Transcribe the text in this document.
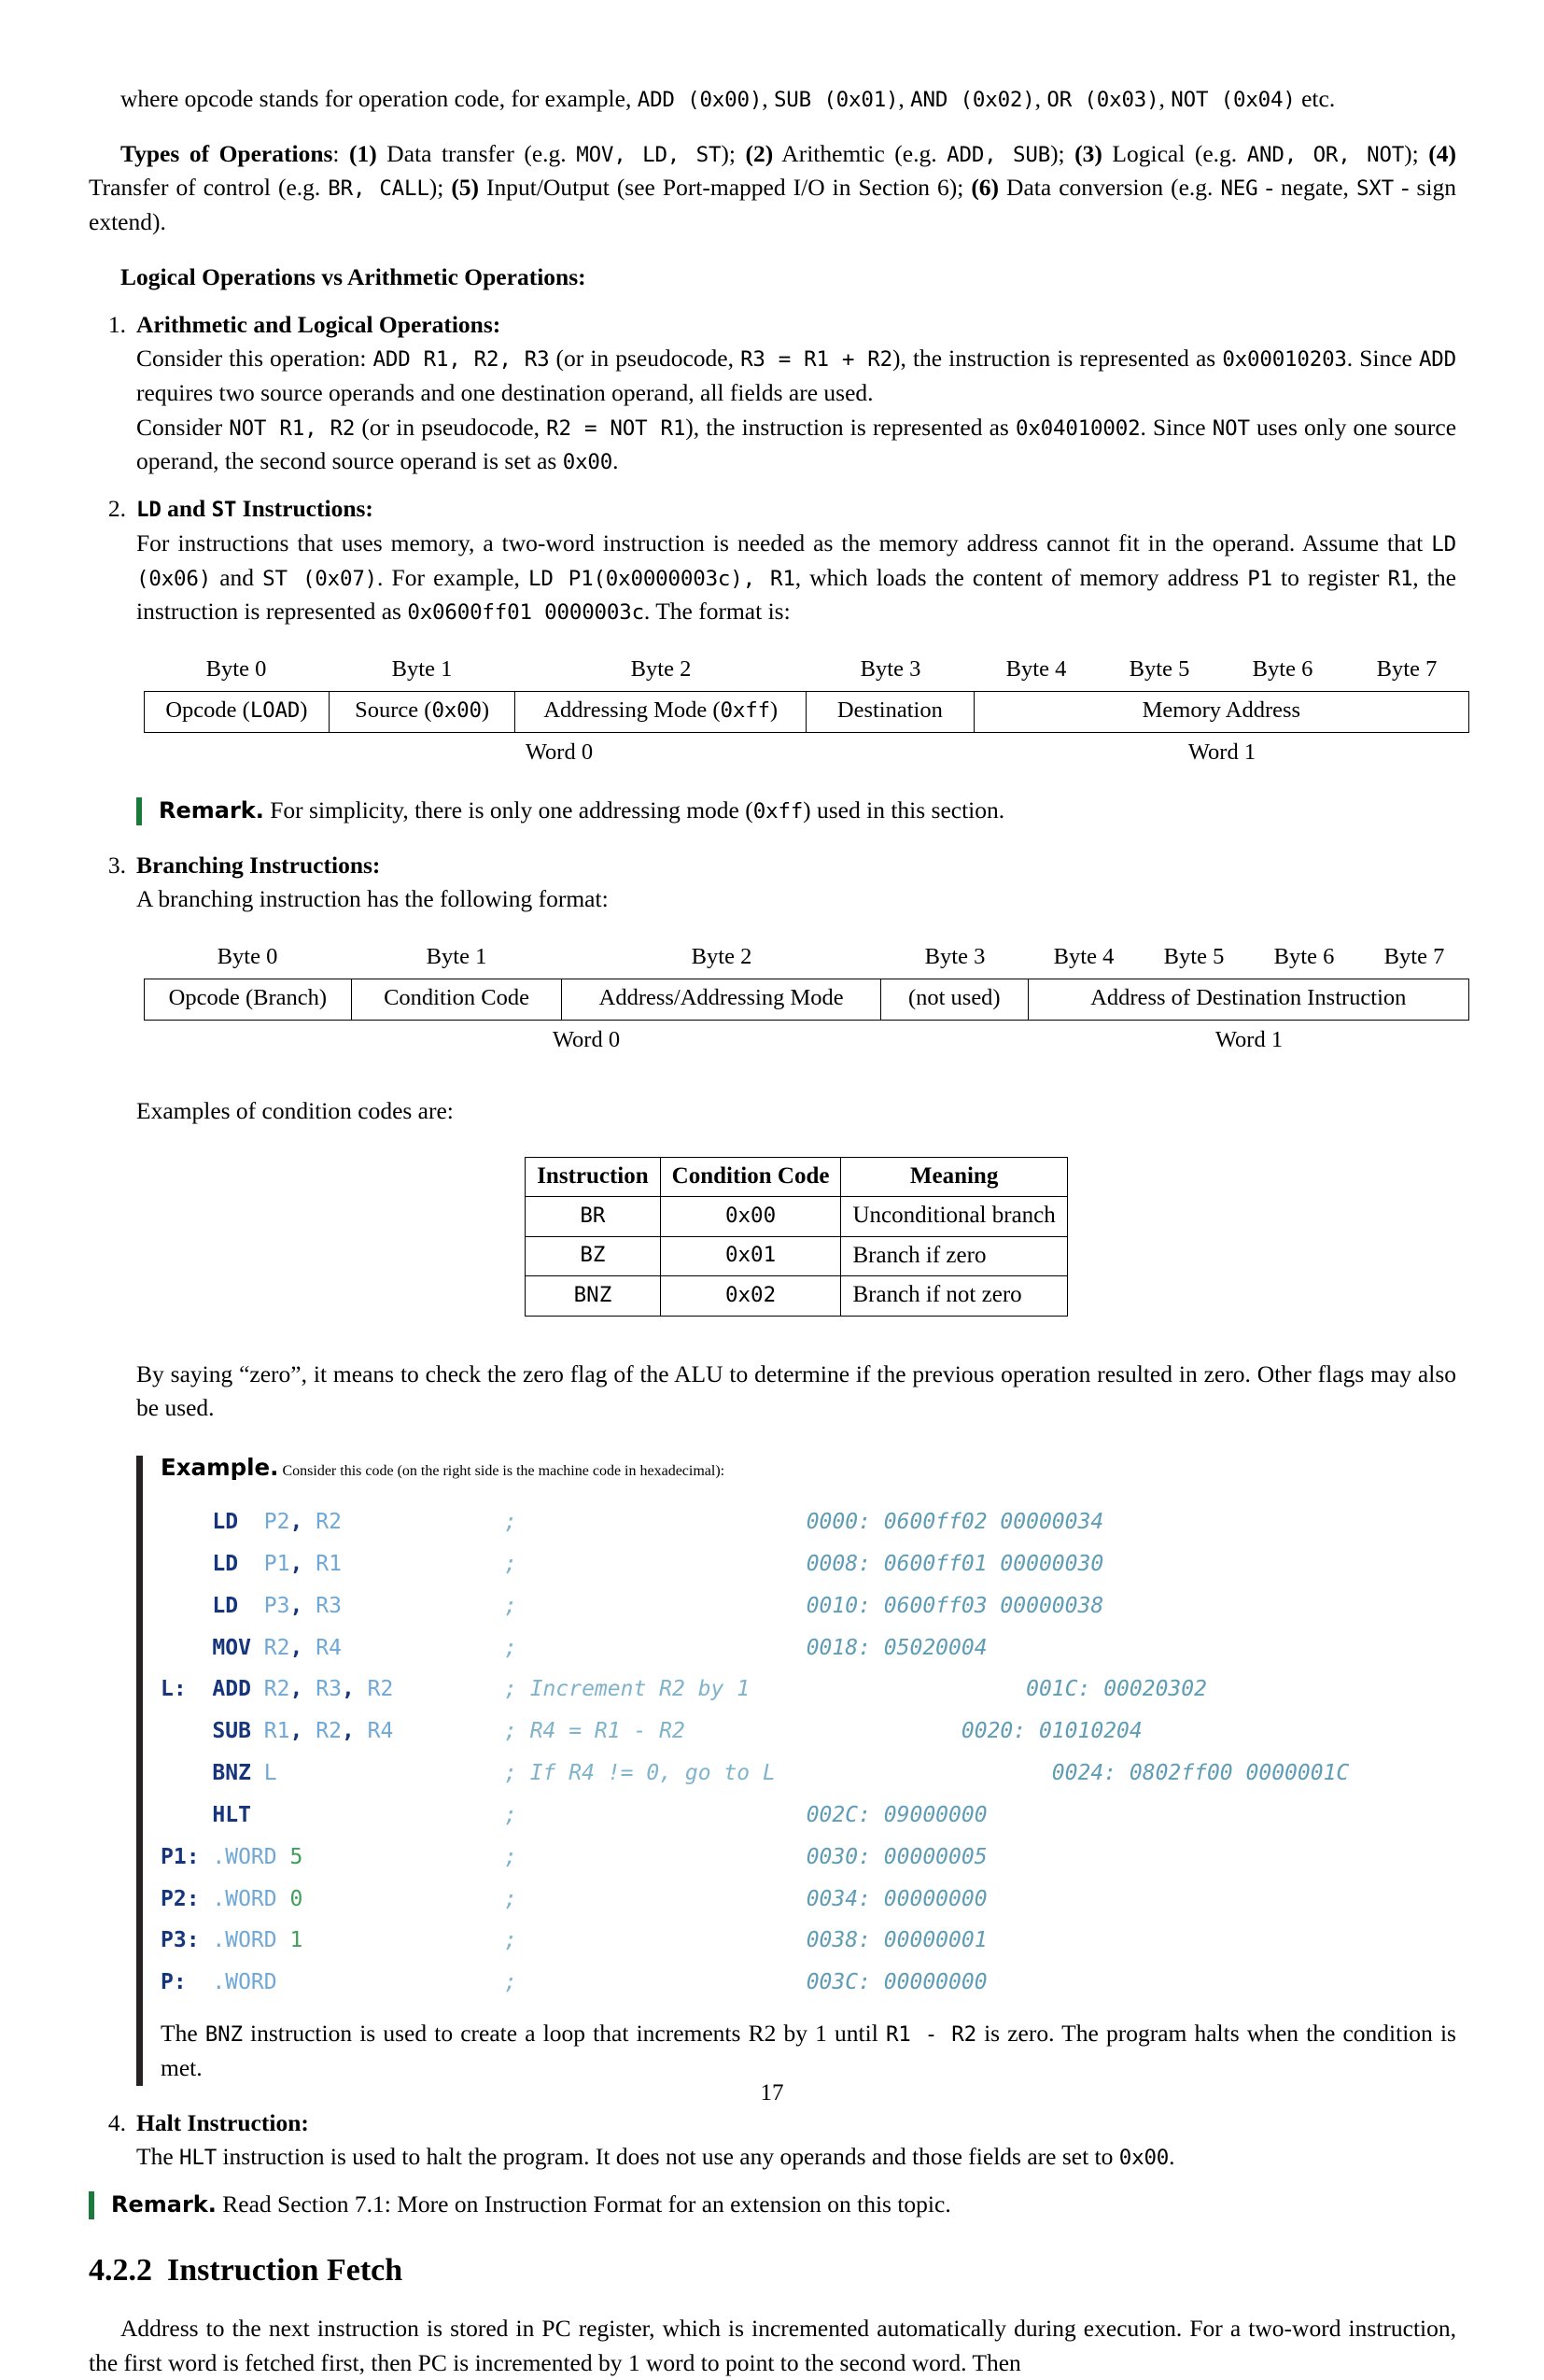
where opcode stands for operation code, for example, ADD (0x00), SUB (0x01), AND (0x02), OR (0x03), NOT (0x04) etc.

Types of Operations: (1) Data transfer (e.g. MOV, LD, ST); (2) Arithemtic (e.g. ADD, SUB); (3) Logical (e.g. AND, OR, NOT); (4) Transfer of control (e.g. BR, CALL); (5) Input/Output (see Port-mapped I/O in Section 6); (6) Data conversion (e.g. NEG - negate, SXT - sign extend).

Logical Operations vs Arithmetic Operations:

1. Arithmetic and Logical Operations:

Consider this operation: ADD R1, R2, R3 (or in pseudocode, R3 = R1 + R2), the instruction is represented as 0x00010203. Since ADD requires two source operands and one destination operand, all fields are used.

Consider NOT R1, R2 (or in pseudocode, R2 = NOT R1), the instruction is represented as 0x04010002. Since NOT uses only one source operand, the second source operand is set as 0x00.

2. LD and ST Instructions:

For instructions that uses memory, a two-word instruction is needed as the memory address cannot fit in the operand. Assume that LD (0x06) and ST (0x07). For example, LD P1(0x0000003c), R1, which loads the content of memory address P1 to register R1, the instruction is represented as 0x0600ff01 0000003c. The format is:

Byte 0	Byte 1	Byte 2	Byte 3	Byte 4	Byte 5	Byte 6	Byte 7
Opcode (LOAD)	Source (0x00)	Addressing Mode (0xff)	Destination	Memory Address
Word 0	Word 1
Remark. For simplicity, there is only one addressing mode (0xff) used in this section.
3. Branching Instructions:

A branching instruction has the following format:

Byte 0	Byte 1	Byte 2	Byte 3	Byte 4	Byte 5	Byte 6	Byte 7
Opcode (Branch)	Condition Code	Address/Addressing Mode	(not used)	Address of Destination Instruction
Word 0	Word 1

Examples of condition codes are:

Instruction	Condition Code	Meaning
BR	0x00	Unconditional branch
BZ	0x01	Branch if zero
BNZ	0x02	Branch if not zero

By saying “zero”, it means to check the zero flag of the ALU to determine if the previous operation resulted in zero. Other flags may also be used.

Example. Consider this code (on the right side is the machine code in hexadecimal):
LD  P2, R2	;	0000: 0600ff02 00000034
LD  P1, R1	;	0008: 0600ff01 00000030
LD  P3, R3	;	0010: 0600ff03 00000038
MOV R2, R4	;	0018: 05020004
L:  ADD R2, R3, R2	; Increment R2 by 1	001C: 00020302
SUB R1, R2, R4	; R4 = R1 - R2	0020: 01010204
BNZ L	; If R4 != 0, go to L	0024: 0802ff00 0000001C
HLT	;	002C: 09000000
P1: .WORD 5             ;	0030: 00000005
P2: .WORD 0             ;	0034: 00000000
P3: .WORD 1             ;	0038: 00000001
P:  .WORD	;	003C: 00000000

The BNZ instruction is used to create a loop that increments R2 by 1 until R1 - R2 is zero. The program halts when the condition is met.

4. Halt Instruction:

The HLT instruction is used to halt the program. It does not use any operands and those fields are set to 0x00.

Remark. Read Section 7.1: More on Instruction Format for an extension on this topic.
4.2.2 Instruction Fetch

Address to the next instruction is stored in PC register, which is incremented automatically during execution. For a two-word instruction, the first word is fetched first, then PC is incremented by 1 word to point to the second word. Then

17
